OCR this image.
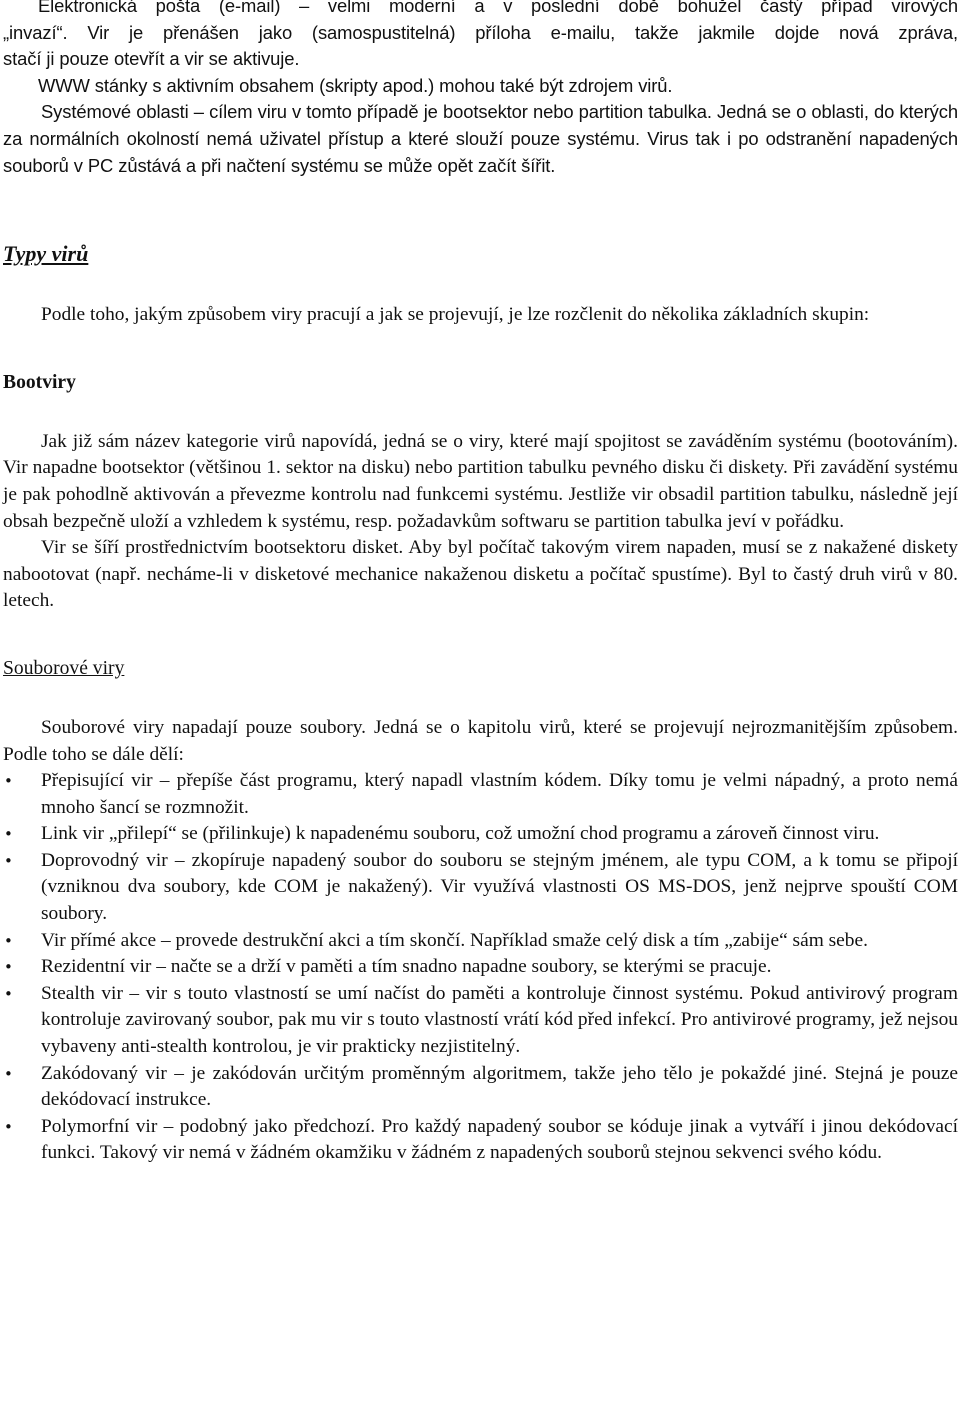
Elektronická pošta (e-mail) – velmi moderní a v poslední době bohužel častý případ virových

„invazí“. Vir je přenášen jako (samospustitelná) příloha e-mailu, takže jakmile dojde nová zpráva,

stačí ji pouze otevřít a vir se aktivuje.

WWW stánky s aktivním obsahem (skripty apod.) mohou také být zdrojem virů.

Systémové oblasti – cílem viru v tomto případě je bootsektor nebo partition tabulka. Jedná se o oblasti, do kterých za normálních okolností nemá uživatel přístup a které slouží pouze systému. Virus tak i po odstranění napadených souborů v PC zůstává a při načtení systému se může opět začít šířit.

Typy virů

Podle toho, jakým způsobem viry pracují a jak se projevují, je lze rozčlenit do několika základních skupin:

Bootviry

Jak již sám název kategorie virů napovídá, jedná se o viry, které mají spojitost se zaváděním systému (bootováním). Vir napadne bootsektor (většinou 1. sektor na disku) nebo partition tabulku pevného disku či diskety. Při zavádění systému je pak pohodlně aktivován a převezme kontrolu nad funkcemi systému. Jestliže vir obsadil partition tabulku, následně její obsah bezpečně uloží a vzhledem k systému, resp. požadavkům softwaru se partition tabulka jeví v pořádku.

Vir se šíří prostřednictvím bootsektoru disket. Aby byl počítač takovým virem napaden, musí se z nakažené diskety nabootovat (např. necháme-li v disketové mechanice nakaženou disketu a počítač spustíme). Byl to častý druh virů v 80. letech.

Souborové viry

Souborové viry napadají pouze soubory. Jedná se o kapitolu virů, které se projevují nejrozmanitějším způsobem. Podle toho se dále dělí:

• Přepisující vir – přepíše část programu, který napadl vlastním kódem. Díky tomu je velmi nápadný, a proto nemá mnoho šancí se rozmnožit.
• Link vir „přilepí“ se (přilinkuje) k napadenému souboru, což umožní chod programu a zároveň činnost viru.
• Doprovodný vir – zkopíruje napadený soubor do souboru se stejným jménem, ale typu COM, a k tomu se připojí (vzniknou dva soubory, kde COM je nakažený). Vir využívá vlastnosti OS MS-DOS, jenž nejprve spouští COM soubory.
• Vir přímé akce – provede destrukční akci a tím skončí. Například smaže celý disk a tím „zabije“ sám sebe.
• Rezidentní vir – načte se a drží v paměti a tím snadno napadne soubory, se kterými se pracuje.
• Stealth vir – vir s touto vlastností se umí načíst do paměti a kontroluje činnost systému. Pokud antivirový program kontroluje zavirovaný soubor, pak mu vir s touto vlastností vrátí kód před infekcí. Pro antivirové programy, jež nejsou vybaveny anti-stealth kontrolou, je vir prakticky nezjistitelný.
• Zakódovaný vir – je zakódován určitým proměnným algoritmem, takže jeho tělo je pokaždé jiné. Stejná je pouze dekódovací instrukce.
• Polymorfní vir – podobný jako předchozí. Pro každý napadený soubor se kóduje jinak a vytváří i jinou dekódovací funkci. Takový vir nemá v žádném okamžiku v žádném z napadených souborů stejnou sekvenci svého kódu.
